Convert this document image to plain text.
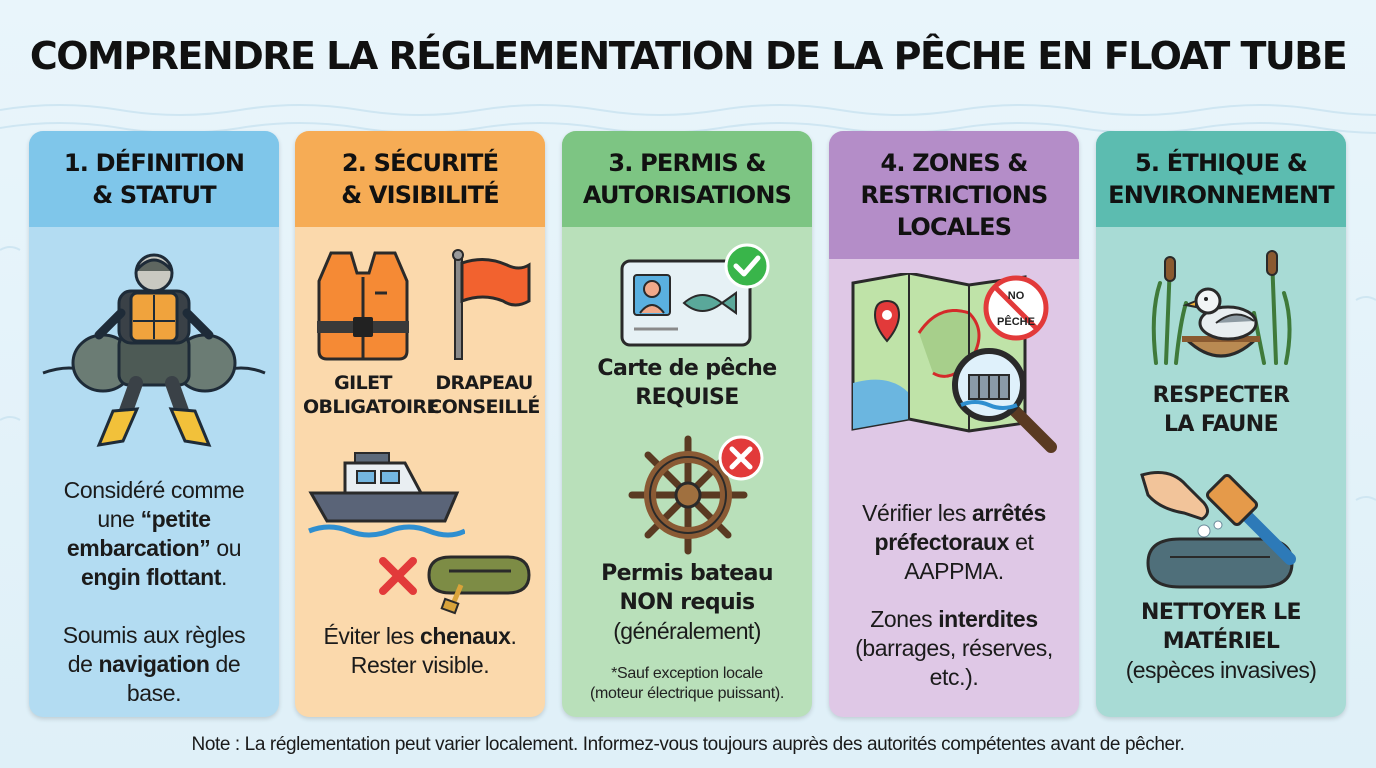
COMPRENDRE LA RÉGLEMENTATION DE LA PÊCHE EN FLOAT TUBE
1. DÉFINITION
& STATUT
Considéré comme
une “petite
embarcation” ou
engin flottant.
Soumis aux règles
de navigation de
base.
2. SÉCURITÉ
& VISIBILITÉ
GILET
OBLIGATOIRE
DRAPEAU
CONSEILLÉ
Éviter les chenaux.
Rester visible.
3. PERMIS &
AUTORISATIONS
Carte de pêche
REQUISE
Permis bateau
NON requis
(généralement)
*Sauf exception locale
(moteur électrique puissant).
4. ZONES &
RESTRICTIONS
LOCALES
NO
PÊCHE
Vérifier les arrêtés
préfectoraux et
AAPPMA.
Zones interdites
(barrages, réserves,
etc.).
5. ÉTHIQUE &
ENVIRONNEMENT
RESPECTER
LA FAUNE
NETTOYER LE
MATÉRIEL
(espèces invasives)
Note : La réglementation peut varier localement. Informez-vous toujours auprès des autorités compétentes avant de pêcher.
